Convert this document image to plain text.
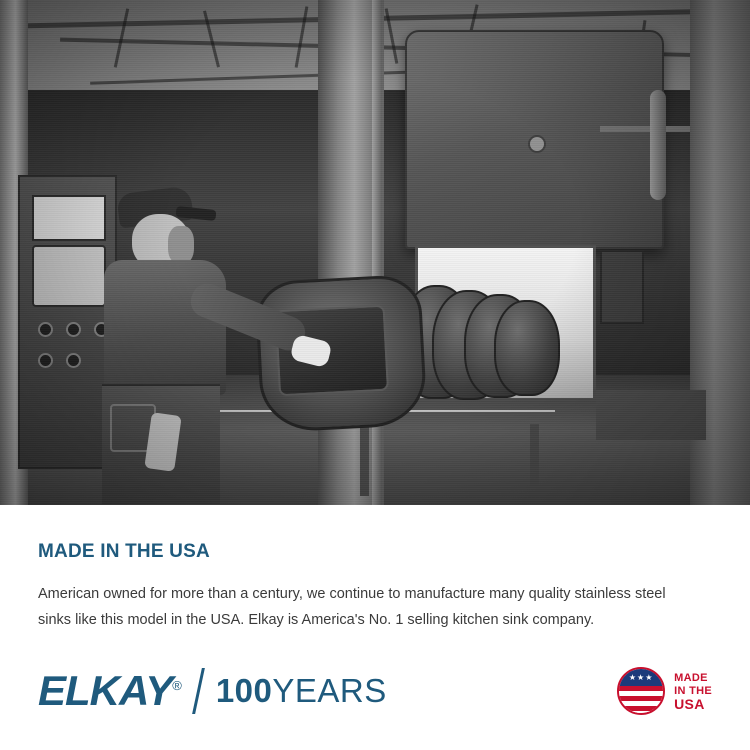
MADE IN THE USA

American owned for more than a century, we continue to manufacture many quality stainless steel sinks like this model in the USA. Elkay is America's No. 1 selling kitchen sink company.

ELKAY® 100YEARS	★★★	MADE
IN THE
USA
